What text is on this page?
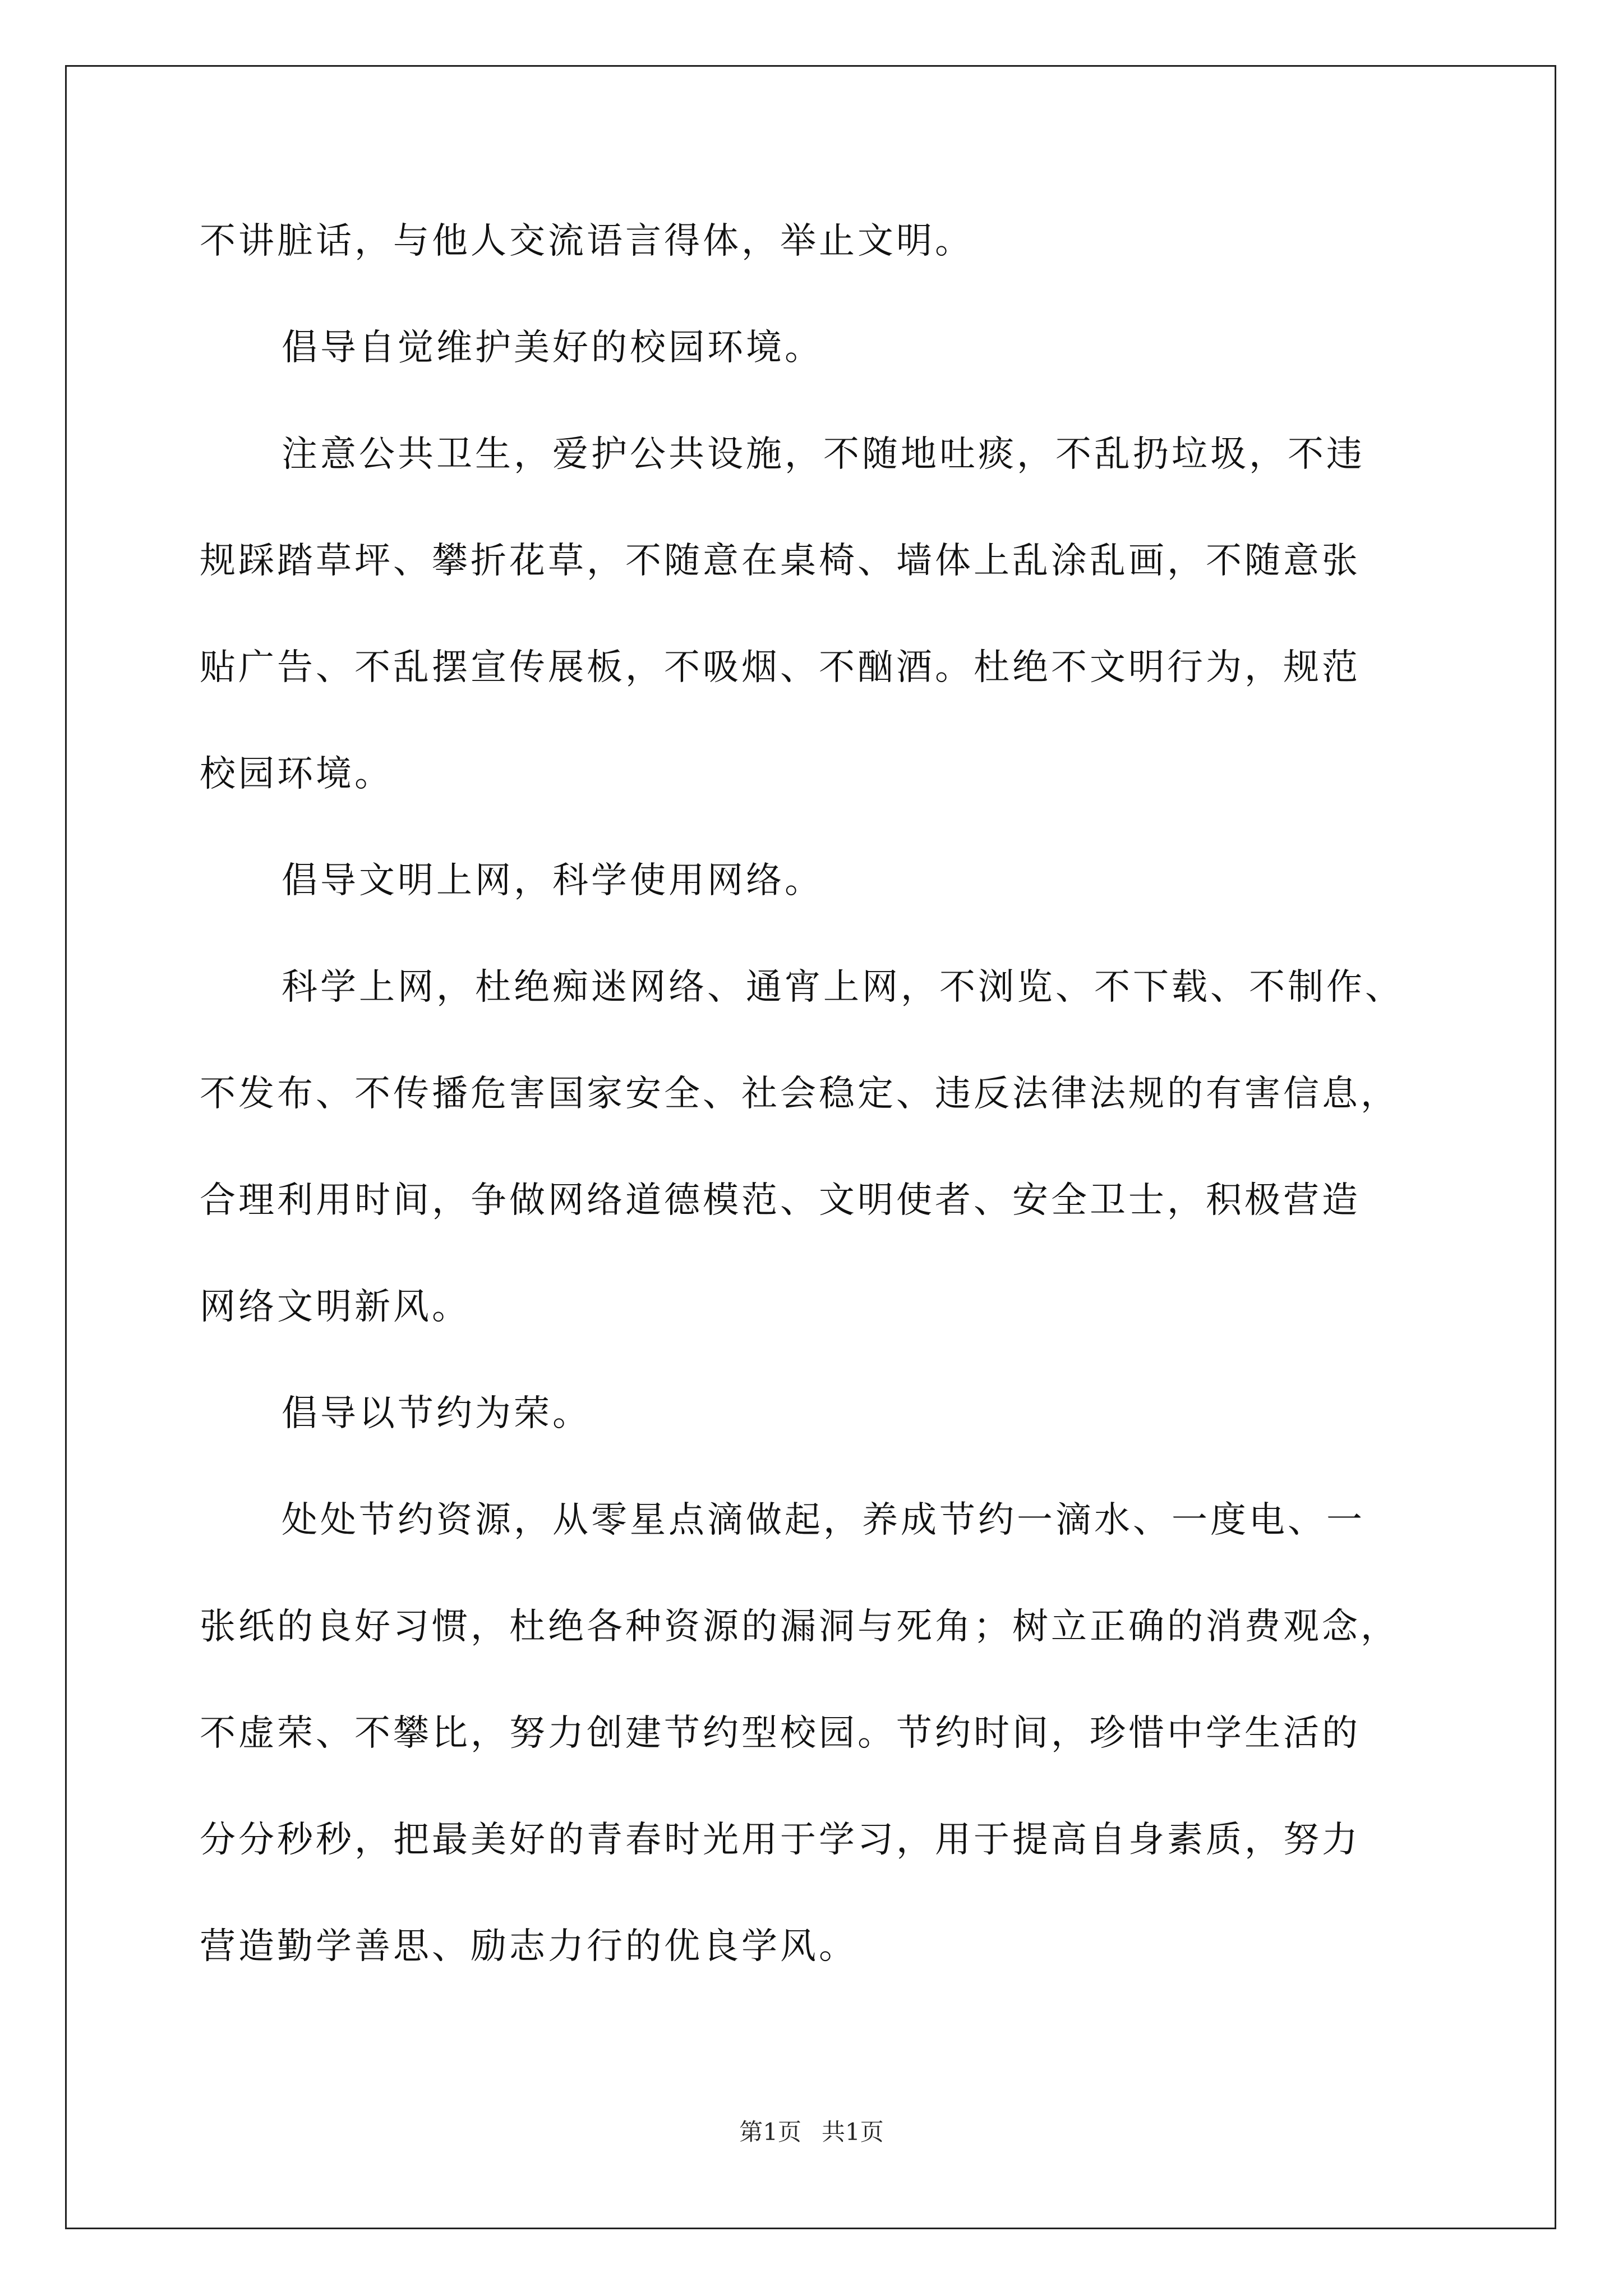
不讲脏话，与他人交流语言得体，举止文明。
倡导自觉维护美好的校园环境。
注意公共卫生，爱护公共设施，不随地吐痰，不乱扔垃圾，不违
规踩踏草坪、攀折花草，不随意在桌椅、墙体上乱涂乱画，不随意张
贴广告、不乱摆宣传展板，不吸烟、不酗酒。杜绝不文明行为，规范
校园环境。
倡导文明上网，科学使用网络。
科学上网，杜绝痴迷网络、通宵上网，不浏览、不下载、不制作、
不发布、不传播危害国家安全、社会稳定、违反法律法规的有害信息，
合理利用时间，争做网络道德模范、文明使者、安全卫士，积极营造
网络文明新风。
倡导以节约为荣。
处处节约资源，从零星点滴做起，养成节约一滴水、一度电、一
张纸的良好习惯，杜绝各种资源的漏洞与死角；树立正确的消费观念，
不虚荣、不攀比，努力创建节约型校园。节约时间，珍惜中学生活的
分分秒秒，把最美好的青春时光用于学习，用于提高自身素质，努力
营造勤学善思、励志力行的优良学风。
第1页 共1页
